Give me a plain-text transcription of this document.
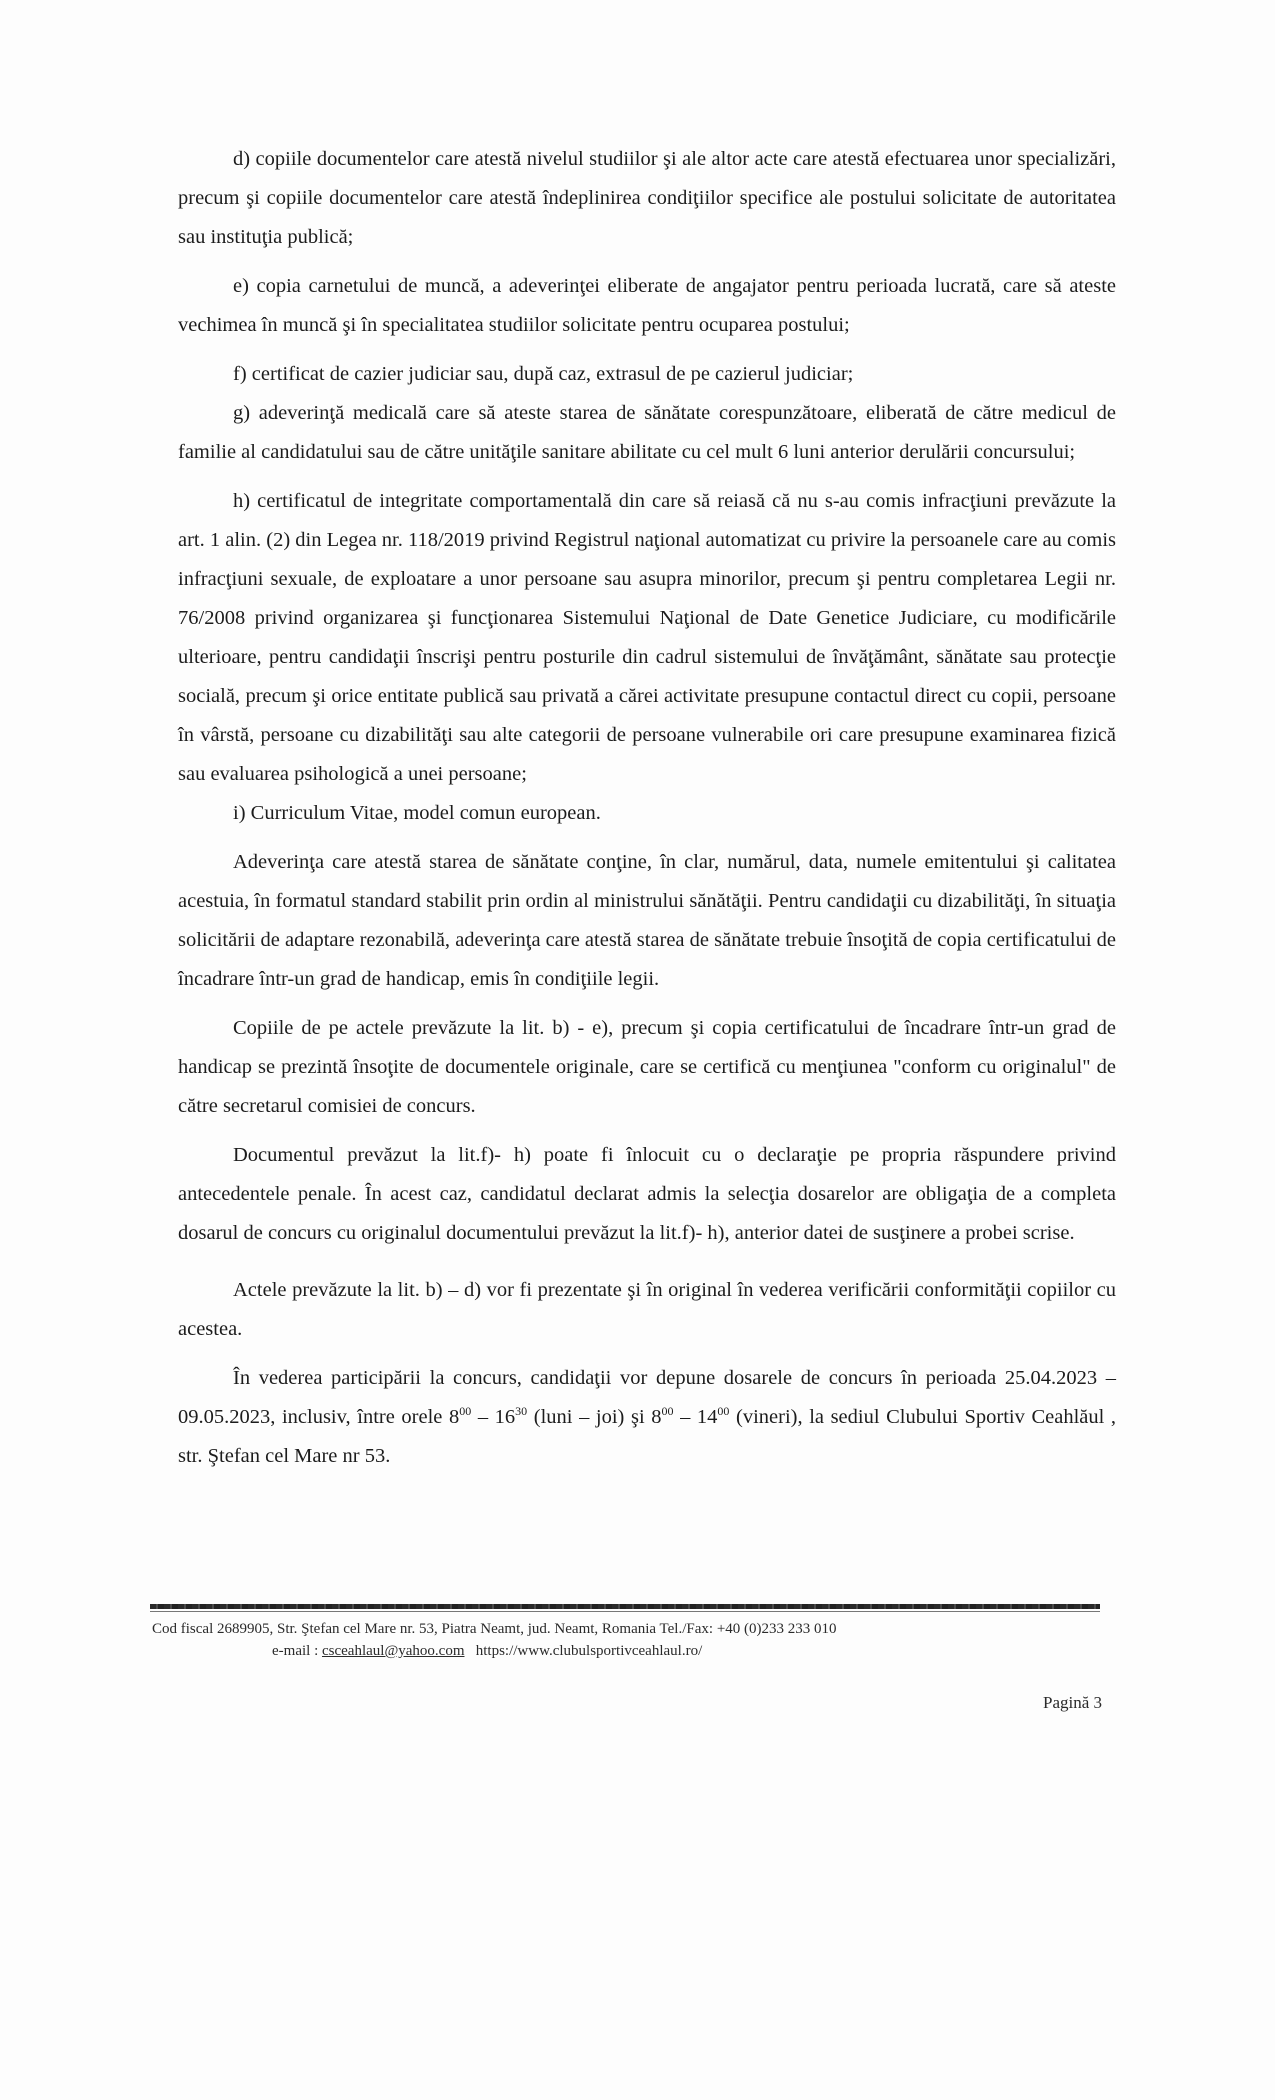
d) copiile documentelor care atestă nivelul studiilor şi ale altor acte care atestă efectuarea unor specializări, precum şi copiile documentelor care atestă îndeplinirea condiţiilor specifice ale postului solicitate de autoritatea sau instituţia publică;

e) copia carnetului de muncă, a adeverinţei eliberate de angajator pentru perioada lucrată, care să ateste vechimea în muncă şi în specialitatea studiilor solicitate pentru ocuparea postului;

f) certificat de cazier judiciar sau, după caz, extrasul de pe cazierul judiciar;

g) adeverinţă medicală care să ateste starea de sănătate corespunzătoare, eliberată de către medicul de familie al candidatului sau de către unităţile sanitare abilitate cu cel mult 6 luni anterior derulării concursului;

h) certificatul de integritate comportamentală din care să reiasă că nu s-au comis infracţiuni prevăzute la art. 1 alin. (2) din Legea nr. 118/2019 privind Registrul naţional automatizat cu privire la persoanele care au comis infracţiuni sexuale, de exploatare a unor persoane sau asupra minorilor, precum şi pentru completarea Legii nr. 76/2008 privind organizarea şi funcţionarea Sistemului Naţional de Date Genetice Judiciare, cu modificările ulterioare, pentru candidaţii înscrişi pentru posturile din cadrul sistemului de învăţământ, sănătate sau protecţie socială, precum şi orice entitate publică sau privată a cărei activitate presupune contactul direct cu copii, persoane în vârstă, persoane cu dizabilităţi sau alte categorii de persoane vulnerabile ori care presupune examinarea fizică sau evaluarea psihologică a unei persoane;

i) Curriculum Vitae, model comun european.

Adeverinţa care atestă starea de sănătate conţine, în clar, numărul, data, numele emitentului şi calitatea acestuia, în formatul standard stabilit prin ordin al ministrului sănătăţii. Pentru candidaţii cu dizabilităţi, în situaţia solicitării de adaptare rezonabilă, adeverinţa care atestă starea de sănătate trebuie însoţită de copia certificatului de încadrare într-un grad de handicap, emis în condiţiile legii.

Copiile de pe actele prevăzute la lit. b) - e), precum şi copia certificatului de încadrare într-un grad de handicap se prezintă însoţite de documentele originale, care se certifică cu menţiunea "conform cu originalul" de către secretarul comisiei de concurs.

Documentul prevăzut la lit.f)- h) poate fi înlocuit cu o declaraţie pe propria răspundere privind antecedentele penale. În acest caz, candidatul declarat admis la selecţia dosarelor are obligaţia de a completa dosarul de concurs cu originalul documentului prevăzut la lit.f)- h), anterior datei de susţinere a probei scrise.

Actele prevăzute la lit. b) – d) vor fi prezentate şi în original în vederea verificării conformităţii copiilor cu acestea.

În vederea participării la concurs, candidaţii vor depune dosarele de concurs în perioada 25.04.2023 – 09.05.2023, inclusiv, între orele $8^{00} - 16^{30}$ (luni – joi) şi $8^{00} - 14^{00}$ (vineri), la sediul Clubului Sportiv Ceahlăul , str. Ştefan cel Mare nr 53.

Cod fiscal 2689905, Str. Ştefan cel Mare nr. 53, Piatra Neamt, jud. Neamt, Romania Tel./Fax: +40 (0)233 233 010
e-mail : csceahlaul@yahoo.com https://www.clubulsportivceahlaul.ro/
Pagină 3
